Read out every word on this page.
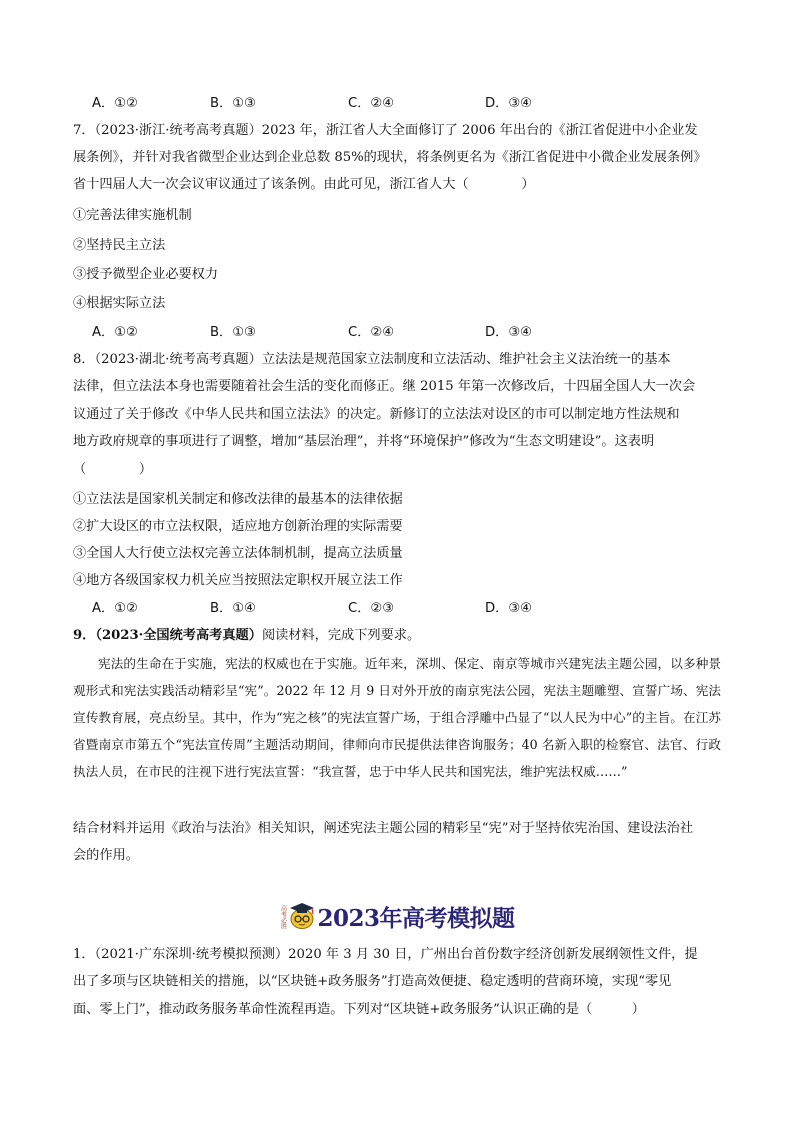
A．①②	B．①③	C．②④	D．③④
7．（2023·浙江·统考高考真题）2023 年，浙江省人大全面修订了 2006 年出台的《浙江省促进中小企业发
展条例》，并针对我省微型企业达到企业总数 85%的现状，将条例更名为《浙江省促进中小微企业发展条例》
省十四届人大一次会议审议通过了该条例。由此可见，浙江省人大（　　　　）
①完善法律实施机制
②坚持民主立法
③授予微型企业必要权力
④根据实际立法
A．①②	B．①③	C．②④	D．③④
8．（2023·湖北·统考高考真题）立法法是规范国家立法制度和立法活动、维护社会主义法治统一的基本
法律，但立法法本身也需要随着社会生活的变化而修正。继 2015 年第一次修改后，十四届全国人大一次会
议通过了关于修改《中华人民共和国立法法》的决定。新修订的立法法对设区的市可以制定地方性法规和
地方政府规章的事项进行了调整，增加“基层治理”，并将“环境保护”修改为“生态文明建设”。这表明
（　　　　）
①立法法是国家机关制定和修改法律的最基本的法律依据
②扩大设区的市立法权限，适应地方创新治理的实际需要
③全国人大行使立法权完善立法体制机制，提高立法质量
④地方各级国家权力机关应当按照法定职权开展立法工作
A．①②	B．①④	C．②③	D．③④
9．（2023·全国统考高考真题）阅读材料，完成下列要求。
宪法的生命在于实施，宪法的权威也在于实施。近年来，深圳、保定、南京等城市兴建宪法主题公园，以多种景观形式和宪法实践活动精彩呈“宪”。2022 年 12 月 9 日对外开放的南京宪法公园，宪法主题雕塑、宣誓广场、宪法宣传教育展，亮点纷呈。其中，作为“宪之核”的宪法宣誓广场，于组合浮雕中凸显了“以人民为中心”的主旨。在江苏省暨南京市第五个“宪法宣传周”主题活动期间，律师向市民提供法律咨询服务；40 名新入职的检察官、法官、行政执法人员，在市民的注视下进行宪法宣誓：“我宣誓，忠于中华人民共和国宪法，维护宪法权威……”
结合材料并运用《政治与法治》相关知识，阐述宪法主题公园的精彩呈“宪”对于坚持依宪治国、建设法治社
会的作用。
高考必胜 2023年高考模拟题
1．（2021·广东深圳·统考模拟预测）2020 年 3 月 30 日，广州出台首份数字经济创新发展纲领性文件，提
出了多项与区块链相关的措施，以“区块链+政务服务”打造高效便捷、稳定透明的营商环境，实现“零见
面、零上门”，推动政务服务革命性流程再造。下列对“区块链+政务服务”认识正确的是（　　　）
